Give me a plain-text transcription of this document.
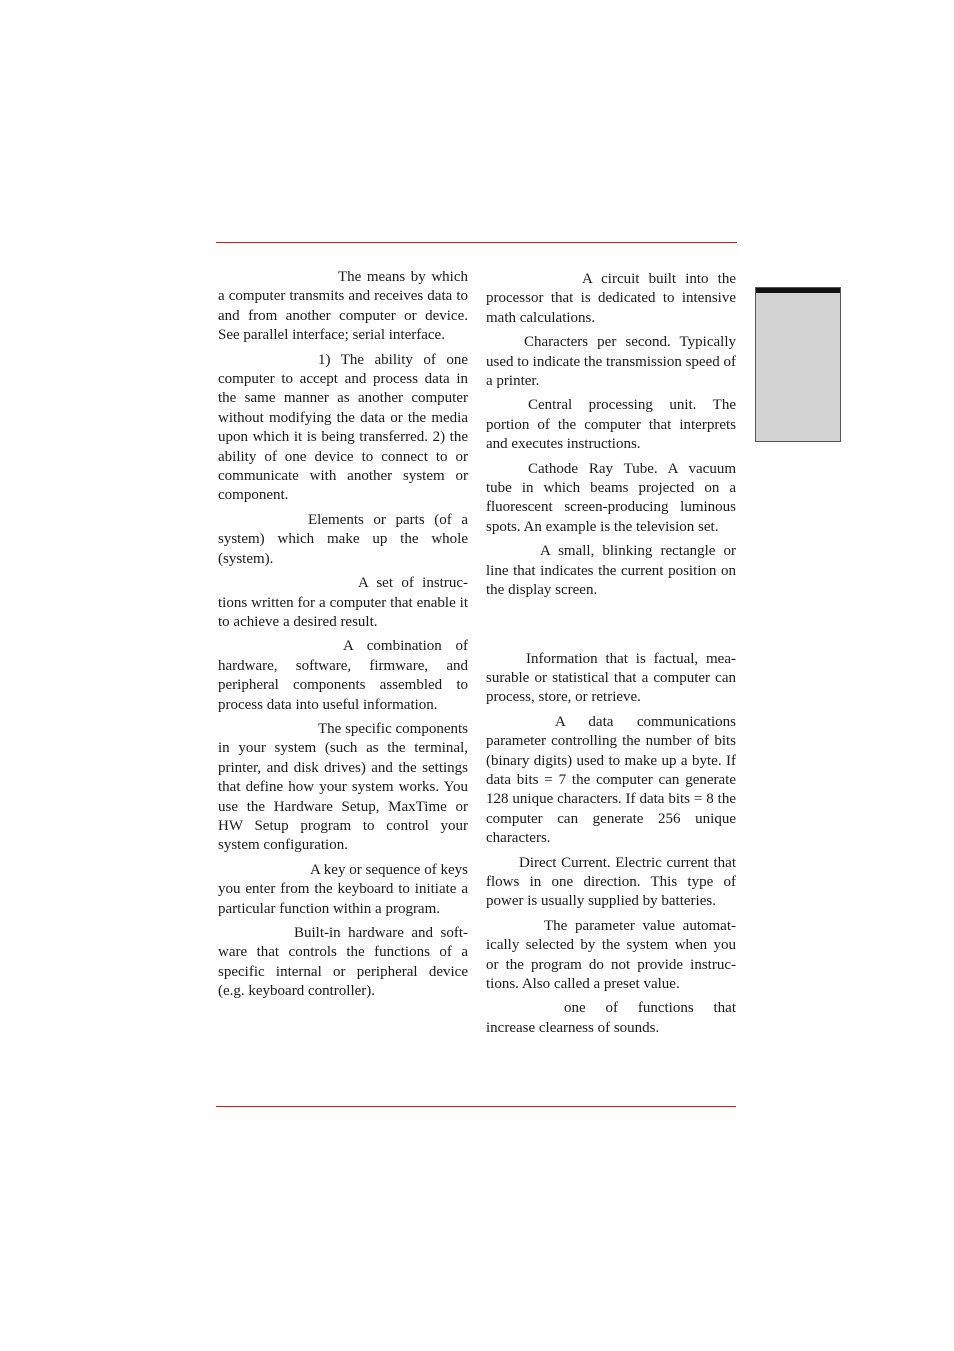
The means by which a computer transmits and receives data to and from another computer or device. See parallel interface; serial interface.

1) The ability of one computer to accept and process data in the same manner as another computer without modifying the data or the media upon which it is being transferred. 2) the ability of one device to connect to or communicate with another system or component.

Elements or parts (of a system) which make up the whole (system).

A set of instructions written for a computer that enable it to achieve a desired result.

A combination of hardware, software, firmware, and peripheral components assembled to process data into useful information.

The specific components in your system (such as the terminal, printer, and disk drives) and the settings that define how your system works. You use the Hardware Setup, MaxTime or HW Setup program to control your system configuration.

A key or sequence of keys you enter from the keyboard to initiate a particular function within a program.

Built-in hardware and software that controls the functions of a specific internal or peripheral device (e.g. keyboard controller).

A circuit built into the processor that is dedicated to intensive math calculations.

Characters per second. Typically used to indicate the transmission speed of a printer.

Central processing unit. The portion of the computer that interprets and executes instructions.

Cathode Ray Tube. A vacuum tube in which beams projected on a fluorescent screen-producing luminous spots. An example is the television set.

A small, blinking rectangle or line that indicates the current position on the display screen.

Information that is factual, measurable or statistical that a computer can process, store, or retrieve.

A data communications parameter controlling the number of bits (binary digits) used to make up a byte. If data bits = 7 the computer can generate 128 unique characters. If data bits = 8 the computer can generate 256 unique characters.

Direct Current. Electric current that flows in one direction. This type of power is usually supplied by batteries.

The parameter value automatically selected by the system when you or the program do not provide instructions. Also called a preset value.

one of functions that increase clearness of sounds.
